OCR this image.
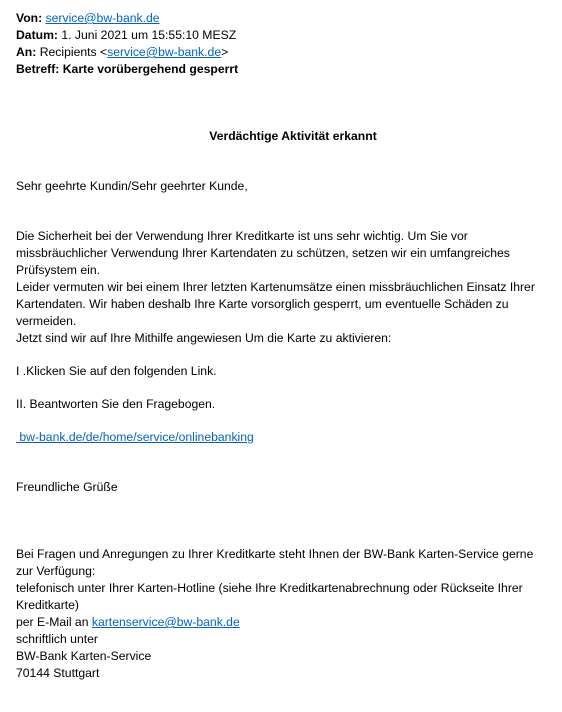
Von: service@bw-bank.de
Datum: 1. Juni 2021 um 15:55:10 MESZ
An: Recipients <service@bw-bank.de>
Betreff: Karte vorübergehend gesperrt
Verdächtige Aktivität erkannt

Sehr geehrte Kundin/Sehr geehrter Kunde,

Die Sicherheit bei der Verwendung Ihrer Kreditkarte ist uns sehr wichtig. Um Sie vor missbräuchlicher Verwendung Ihrer Kartendaten zu schützen, setzen wir ein umfangreiches Prüfsystem ein.

Leider vermuten wir bei einem Ihrer letzten Kartenumsätze einen missbräuchlichen Einsatz Ihrer Kartendaten. Wir haben deshalb Ihre Karte vorsorglich gesperrt, um eventuelle Schäden zu vermeiden.

Jetzt sind wir auf Ihre Mithilfe angewiesen Um die Karte zu aktivieren:

I .Klicken Sie auf den folgenden Link.

II. Beantworten Sie den Fragebogen.

bw-bank.de/de/home/service/onlinebanking

Freundliche Grüße

Bei Fragen und Anregungen zu Ihrer Kreditkarte steht Ihnen der BW-Bank Karten-Service gerne zur Verfügung:

telefonisch unter Ihrer Karten-Hotline (siehe Ihre Kreditkartenabrechnung oder Rückseite Ihrer Kreditkarte)

per E-Mail an kartenservice@bw-bank.de

schriftlich unter

BW-Bank Karten-Service

70144 Stuttgart
